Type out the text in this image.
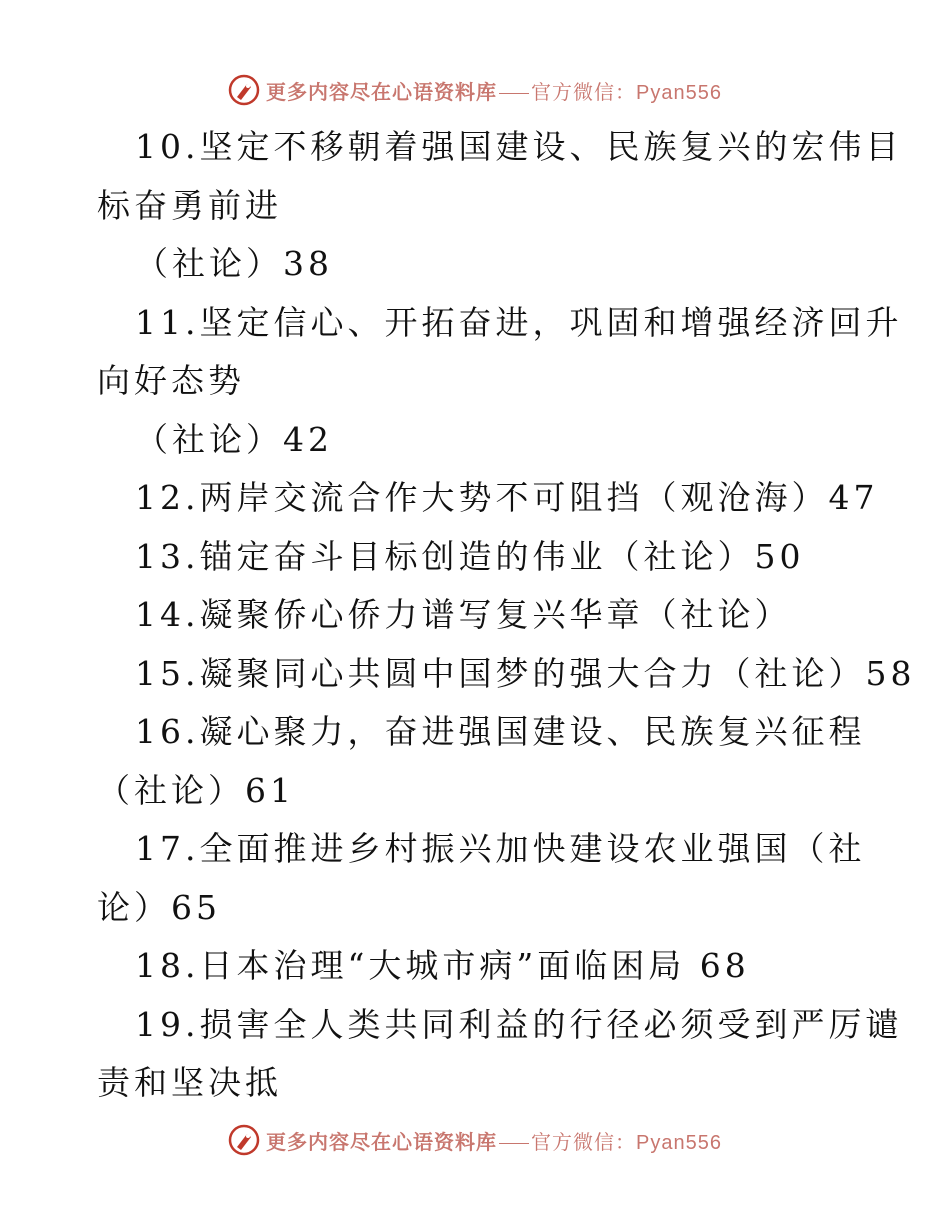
更多内容尽在心语资料库 官方微信：Pyan556
10.坚定不移朝着强国建设、民族复兴的宏伟目
标奋勇前进
（社论）38
11.坚定信心、开拓奋进，巩固和增强经济回升
向好态势
（社论）42
12.两岸交流合作大势不可阻挡（观沧海）47
13.锚定奋斗目标创造的伟业（社论）50
14.凝聚侨心侨力谱写复兴华章（社论）
15.凝聚同心共圆中国梦的强大合力（社论）58
16.凝心聚力，奋进强国建设、民族复兴征程
（社论）61
17.全面推进乡村振兴加快建设农业强国（社
论）65
18.日本治理“大城市病”面临困局 68
19.损害全人类共同利益的行径必须受到严厉谴
责和坚决抵
更多内容尽在心语资料库 官方微信：Pyan556
